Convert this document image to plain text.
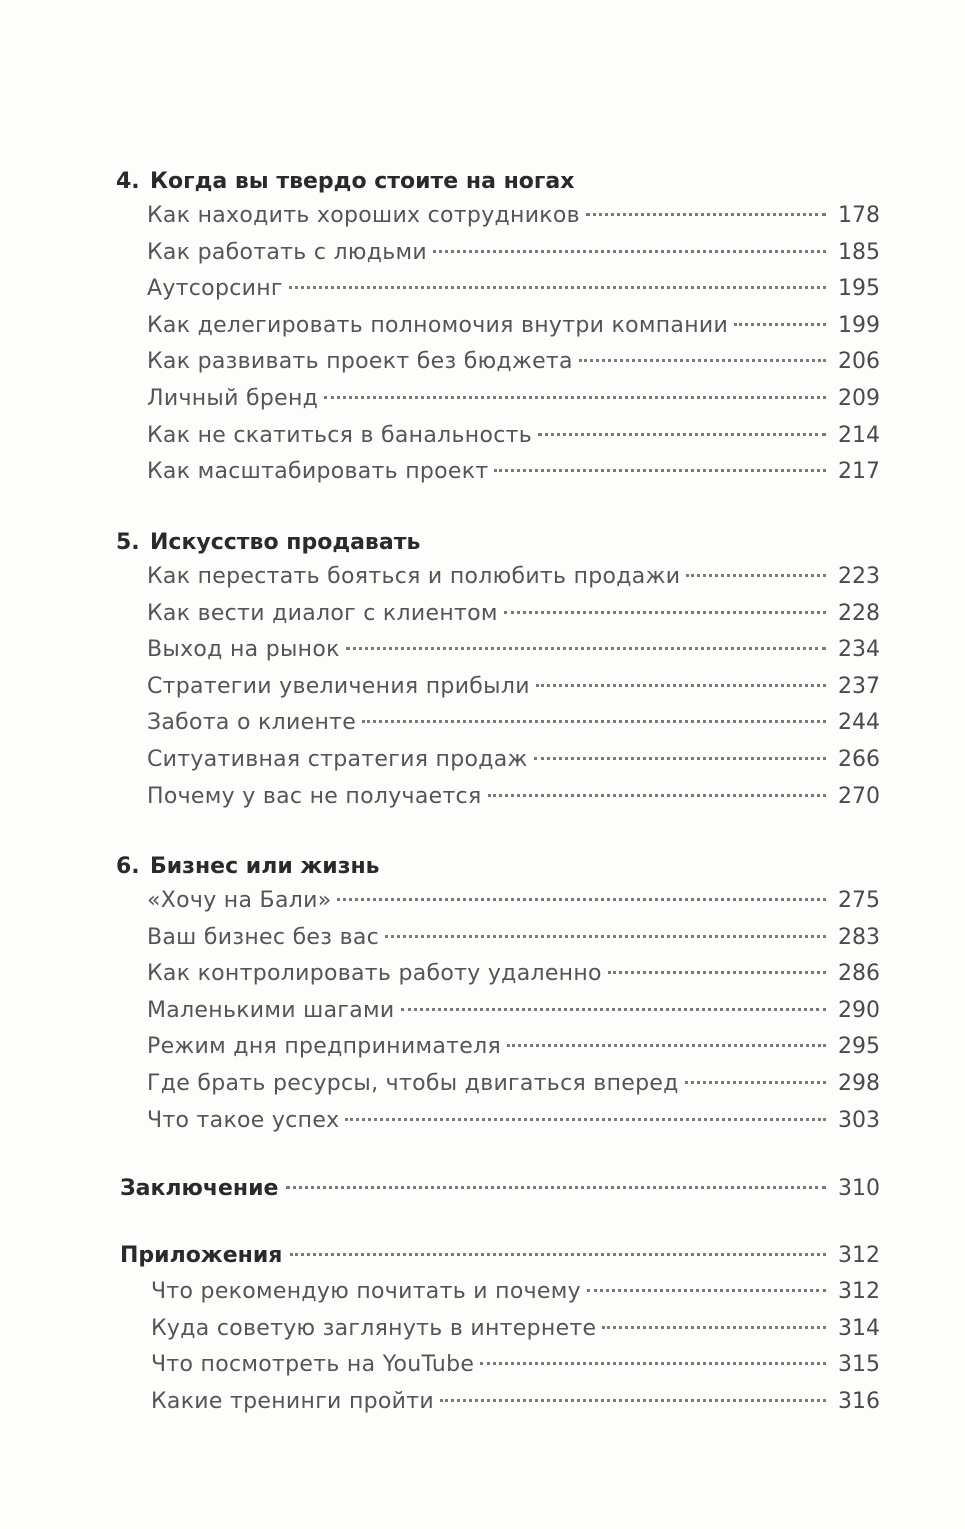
4. Когда вы твердо стоите на ногах
Как находить хороших сотрудников	178
Как работать с людьми	185
Аутсорсинг	195
Как делегировать полномочия внутри компании	199
Как развивать проект без бюджета	206
Личный бренд	209
Как не скатиться в банальность	214
Как масштабировать проект	217
5. Искусство продавать
Как перестать бояться и полюбить продажи	223
Как вести диалог с клиентом	228
Выход на рынок	234
Стратегии увеличения прибыли	237
Забота о клиенте	244
Ситуативная стратегия продаж	266
Почему у вас не получается	270
6. Бизнес или жизнь
«Хочу на Бали»	275
Ваш бизнес без вас	283
Как контролировать работу удаленно	286
Маленькими шагами	290
Режим дня предпринимателя	295
Где брать ресурсы, чтобы двигаться вперед	298
Что такое успех	303
Заключение	310
Приложения	312
Что рекомендую почитать и почему	312
Куда советую заглянуть в интернете	314
Что посмотреть на YouTube	315
Какие тренинги пройти	316
